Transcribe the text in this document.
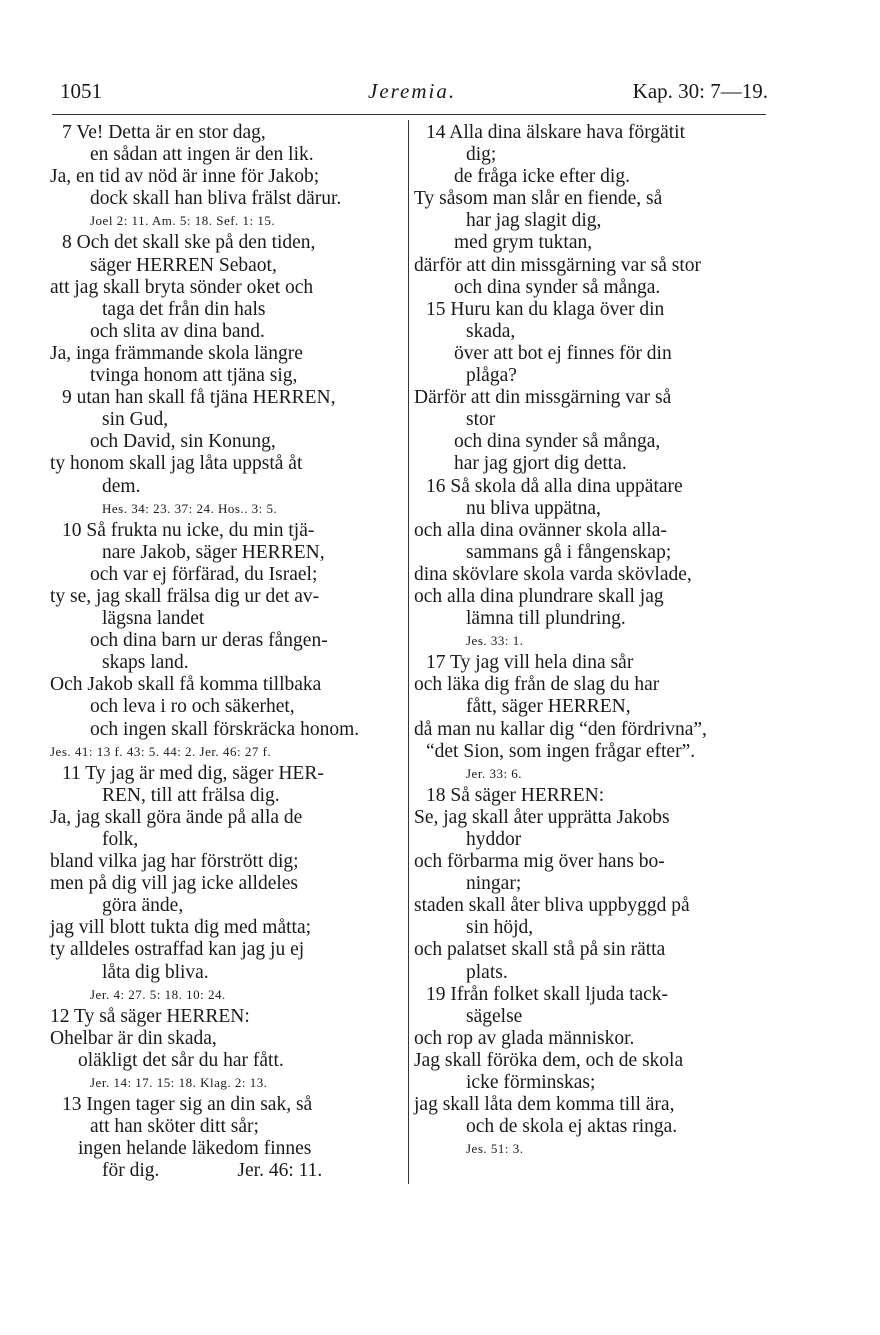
1051	Jeremia.	Kap. 30: 7—19.
7 Ve! Detta är en stor dag,
en sådan att ingen är den lik.
Ja, en tid av nöd är inne för Jakob;
dock skall han bliva frälst därur.
Joel 2: 11. Am. 5: 18. Sef. 1: 15.
8 Och det skall ske på den tiden,
säger HERREN Sebaot,
att jag skall bryta sönder oket och
taga det från din hals
och slita av dina band.
Ja, inga främmande skola längre
tvinga honom att tjäna sig,
9 utan han skall få tjäna HERREN,
sin Gud,
och David, sin Konung,
ty honom skall jag låta uppstå åt
dem.
Hes. 34: 23. 37: 24. Hos.. 3: 5.
10 Så frukta nu icke, du min tjä-
nare Jakob, säger HERREN,
och var ej förfärad, du Israel;
ty se, jag skall frälsa dig ur det av-
lägsna landet
och dina barn ur deras fången-
skaps land.
Och Jakob skall få komma tillbaka
och leva i ro och säkerhet,
och ingen skall förskräcka honom.
Jes. 41: 13 f. 43: 5. 44: 2. Jer. 46: 27 f.
11 Ty jag är med dig, säger HER-
REN, till att frälsa dig.
Ja, jag skall göra ände på alla de
folk,
bland vilka jag har förstrött dig;
men på dig vill jag icke alldeles
göra ände,
jag vill blott tukta dig med måtta;
ty alldeles ostraffad kan jag ju ej
låta dig bliva.
Jer. 4: 27. 5: 18. 10: 24.
12 Ty så säger HERREN:
Ohelbar är din skada,
oläkligt det sår du har fått.
Jer. 14: 17. 15: 18. Klag. 2: 13.
13 Ingen tager sig an din sak, så
att han sköter ditt sår;
ingen helande läkedom finnes
för dig.                Jer. 46: 11.
14 Alla dina älskare hava förgätit
dig;
de fråga icke efter dig.
Ty såsom man slår en fiende, så
har jag slagit dig,
med grym tuktan,
därför att din missgärning var så stor
och dina synder så många.
15 Huru kan du klaga över din
skada,
över att bot ej finnes för din
plåga?
Därför att din missgärning var så
stor
och dina synder så många,
har jag gjort dig detta.
16 Så skola då alla dina uppätare
nu bliva uppätna,
och alla dina ovänner skola alla-
sammans gå i fångenskap;
dina skövlare skola varda skövlade,
och alla dina plundrare skall jag
lämna till plundring.
Jes. 33: 1.
17 Ty jag vill hela dina sår
och läka dig från de slag du har
fått, säger HERREN,
då man nu kallar dig “den fördrivna”,
“det Sion, som ingen frågar efter”.
Jer. 33: 6.
18 Så säger HERREN:
Se, jag skall åter upprätta Jakobs
hyddor
och förbarma mig över hans bo-
ningar;
staden skall åter bliva uppbyggd på
sin höjd,
och palatset skall stå på sin rätta
plats.
19 Ifrån folket skall ljuda tack-
sägelse
och rop av glada människor.
Jag skall föröka dem, och de skola
icke förminskas;
jag skall låta dem komma till ära,
och de skola ej aktas ringa.
Jes. 51: 3.
